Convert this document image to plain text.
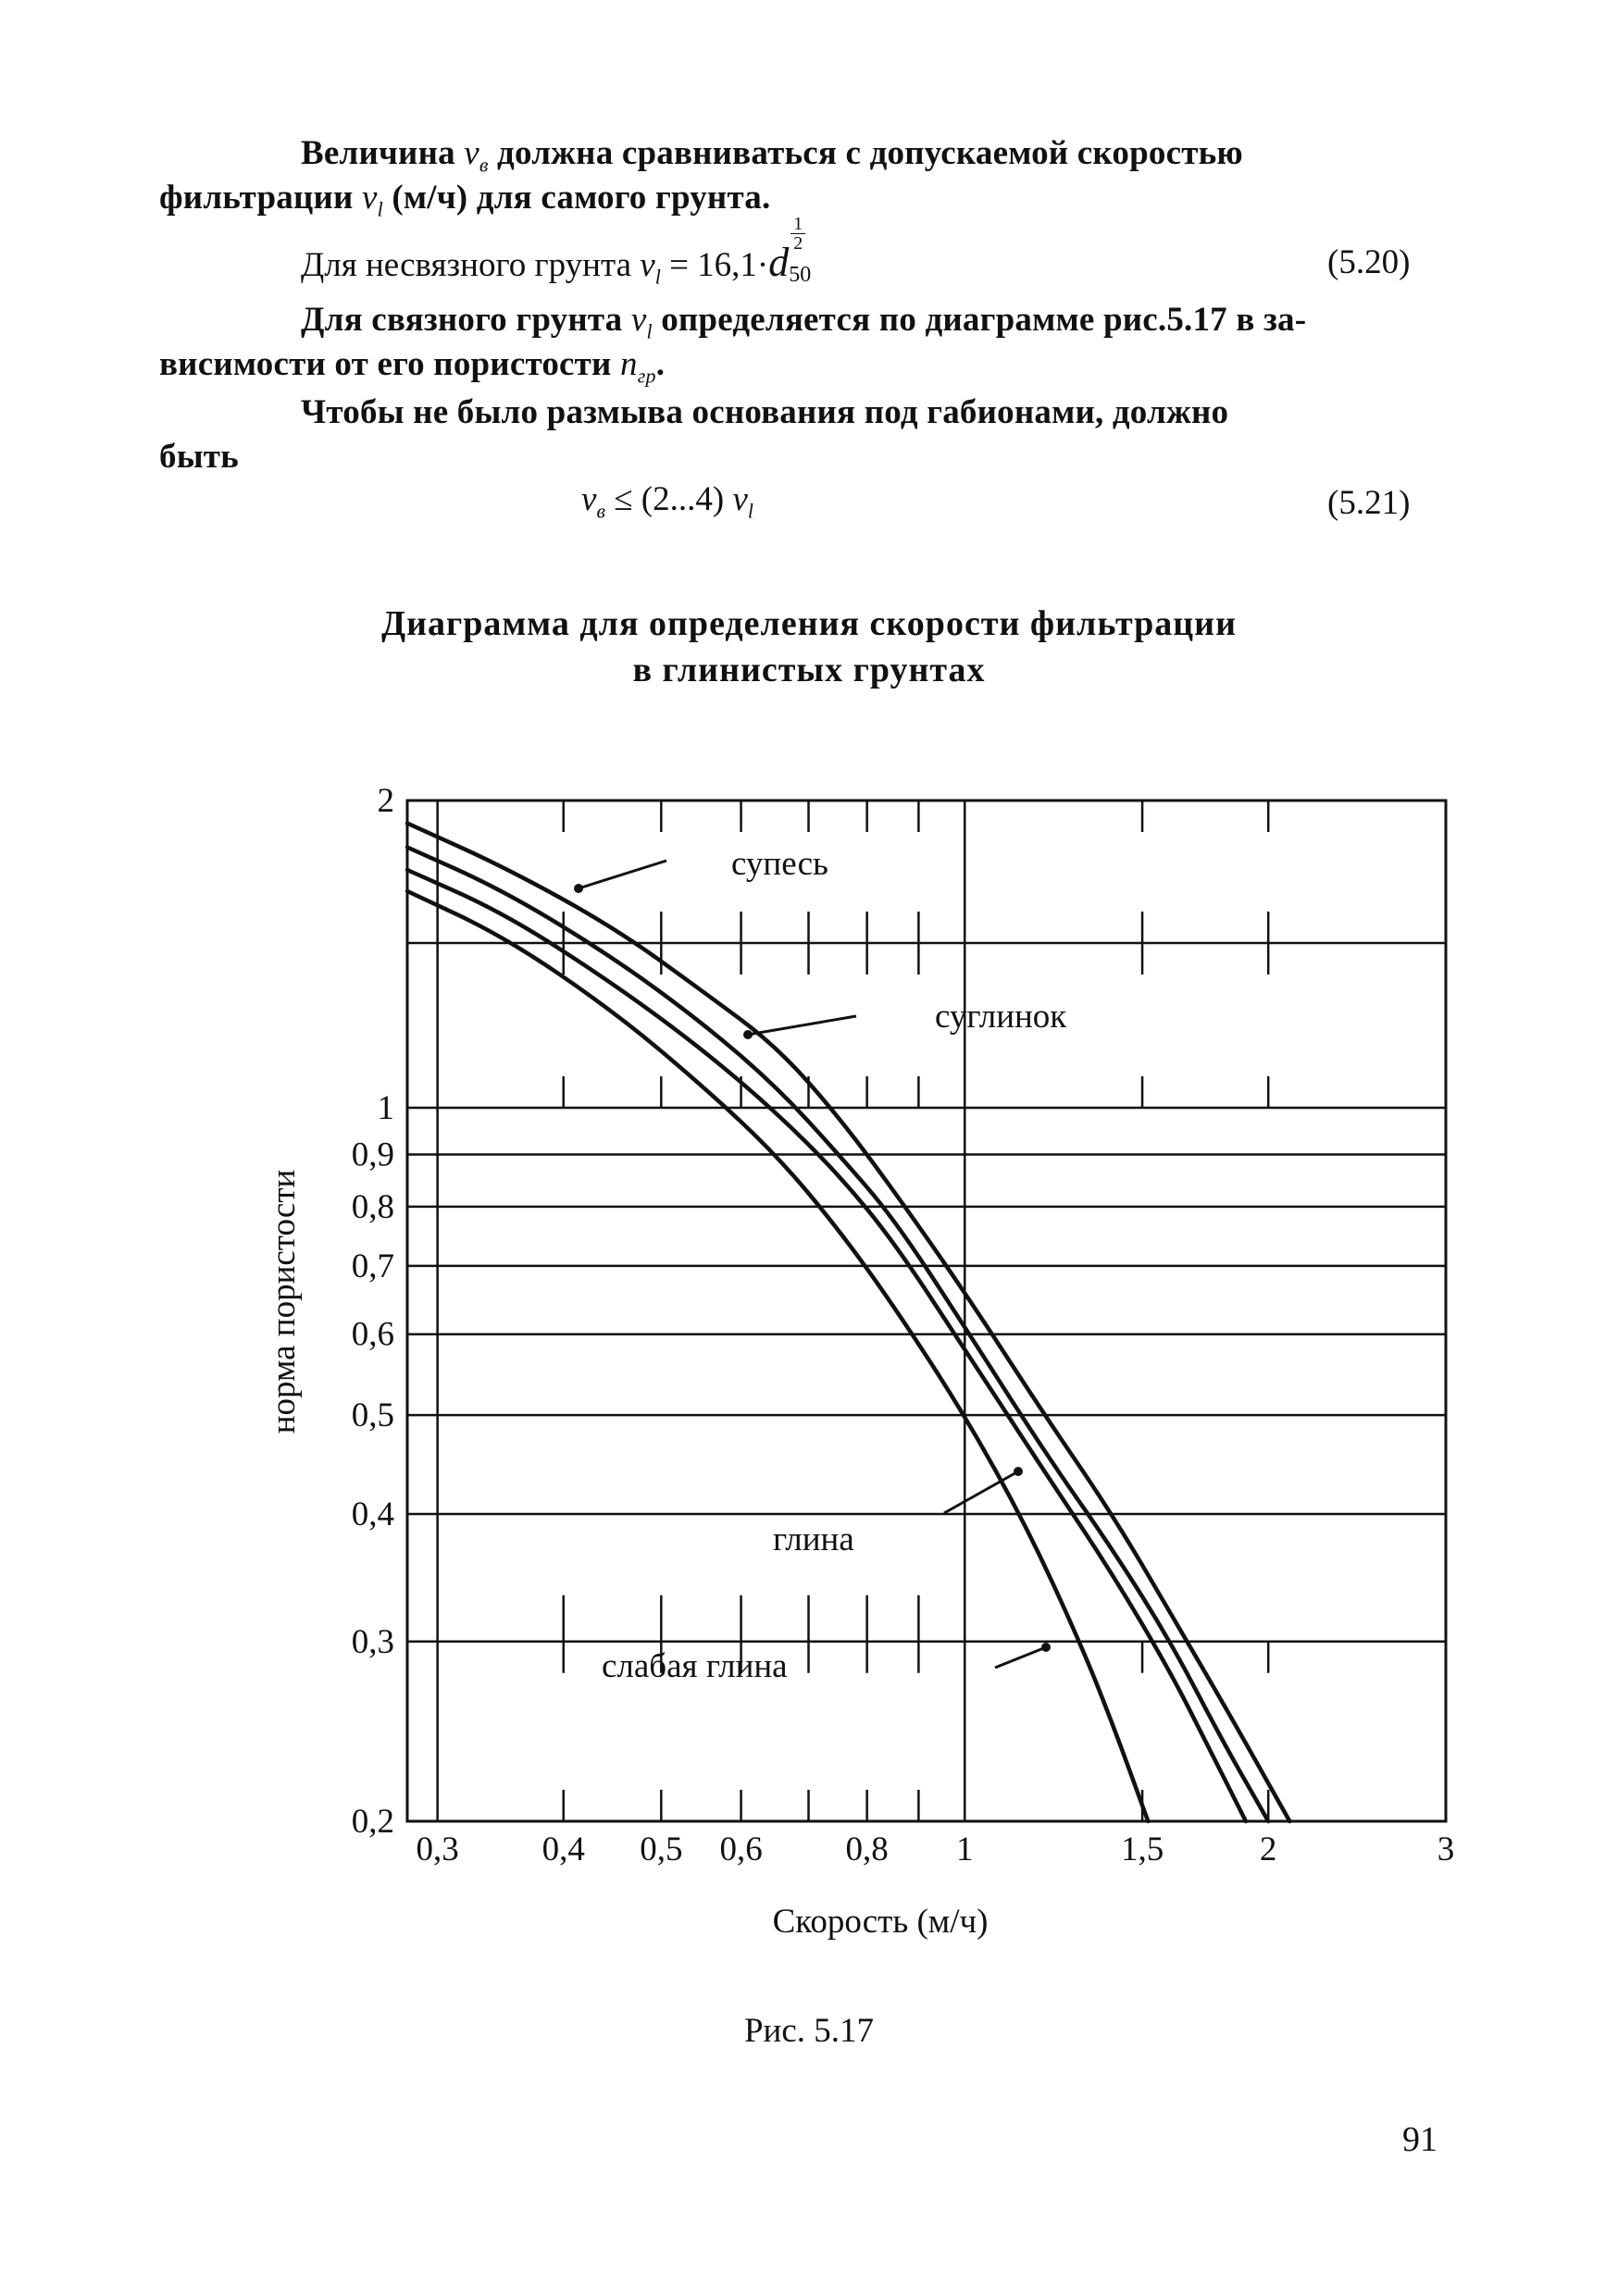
Величина $v_в$ должна сравниваться с допускаемой скоростью
фильтрации $v_l$ (м/ч) для самого грунта.
Для несвязного грунта $v_l = 16,1\cdot d$
$\frac{1}{2}$
50	(5.20)
Для связного грунта $v_l$ определяется по диаграмме рис.5.17 в за-
висимости от его пористости $n_{гр}$.
Чтобы не было размыва основания под габионами, должно
быть
$v_в \le (2...4)$ $v_l$	(5.21)
Диаграмма для определения скорости фильтрации
в глинистых грунтах
0,2
0,3
0,4
0,5
0,6
0,7
0,8
0,9
1
2
0,3 0,4 0,5 0,6 0,8 1	1,5	2	3
Скорость (м/ч)
норма пористости
супесь
суглинок
глина
слабая глина
Рис. 5.17
91
